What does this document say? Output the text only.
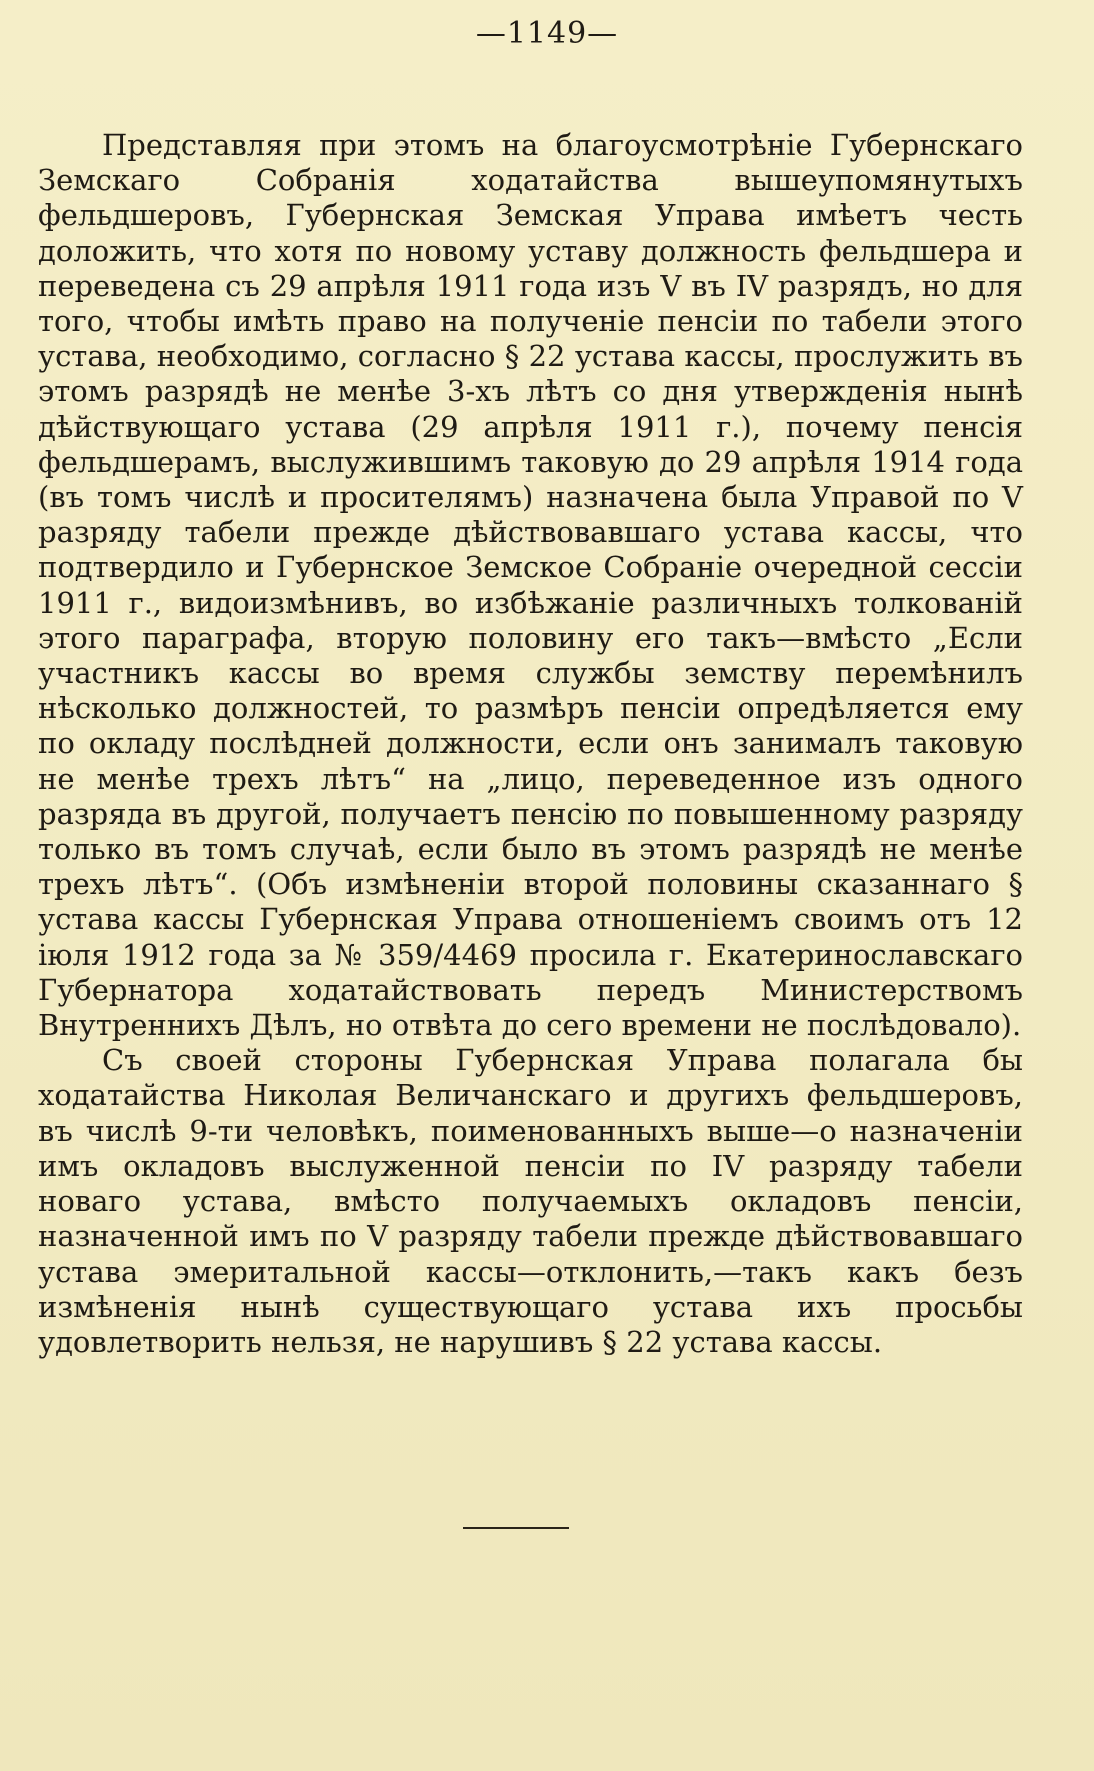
—1149—

Представляя при этомъ на благоусмотрѣніе Губернскаго Земскаго Собранія ходатайства вышеупомянутыхъ фельдшеровъ, Губернская Земская Управа имѣетъ честь доложить, что хотя по новому уставу должность фельдшера и переведена съ 29 апрѣля 1911 года изъ V въ IV разрядъ, но для того, чтобы имѣть право на полученіе пенсіи по табели этого устава, необходимо, согласно § 22 устава кассы, прослужить въ этомъ разрядѣ не менѣе 3-хъ лѣтъ со дня утвержденія нынѣ дѣйствующаго устава (29 апрѣля 1911 г.), почему пенсія фельдшерамъ, выслужившимъ таковую до 29 апрѣля 1914 года (въ томъ числѣ и просителямъ) назначена была Управой по V разряду табели прежде дѣйствовавшаго устава кассы, что подтвердило и Губернское Земское Собраніе очередной сессіи 1911 г., видоизмѣнивъ, во избѣжаніе различныхъ толкованій этого параграфа, вторую половину его такъ—вмѣсто „Если участникъ кассы во время службы земству перемѣнилъ нѣсколько должностей, то размѣръ пенсіи опредѣляется ему по окладу послѣдней должности, если онъ занималъ таковую не менѣе трехъ лѣтъ“ на „лицо, переведенное изъ одного разряда въ другой, получаетъ пенсію по повышенному разряду только въ томъ случаѣ, если было въ этомъ разрядѣ не менѣе трехъ лѣтъ“. (Объ измѣненіи второй половины сказаннаго § устава кассы Губернская Управа отношеніемъ своимъ отъ 12 іюля 1912 года за № 359/4469 просила г. Екатеринославскаго Губернатора ходатайствовать передъ Министерствомъ Внутреннихъ Дѣлъ, но отвѣта до сего времени не послѣдовало).

Съ своей стороны Губернская Управа полагала бы ходатайства Николая Величанскаго и другихъ фельдшеровъ, въ числѣ 9-ти человѣкъ, поименованныхъ выше—о назначеніи имъ окладовъ выслуженной пенсіи по IV разряду табели новаго устава, вмѣсто получаемыхъ окладовъ пенсіи, назначенной имъ по V разряду табели прежде дѣйствовавшаго устава эмеритальной кассы—отклонить,—такъ какъ безъ измѣненія нынѣ существующаго устава ихъ просьбы удовлетворить нельзя, не нарушивъ § 22 устава кассы.
